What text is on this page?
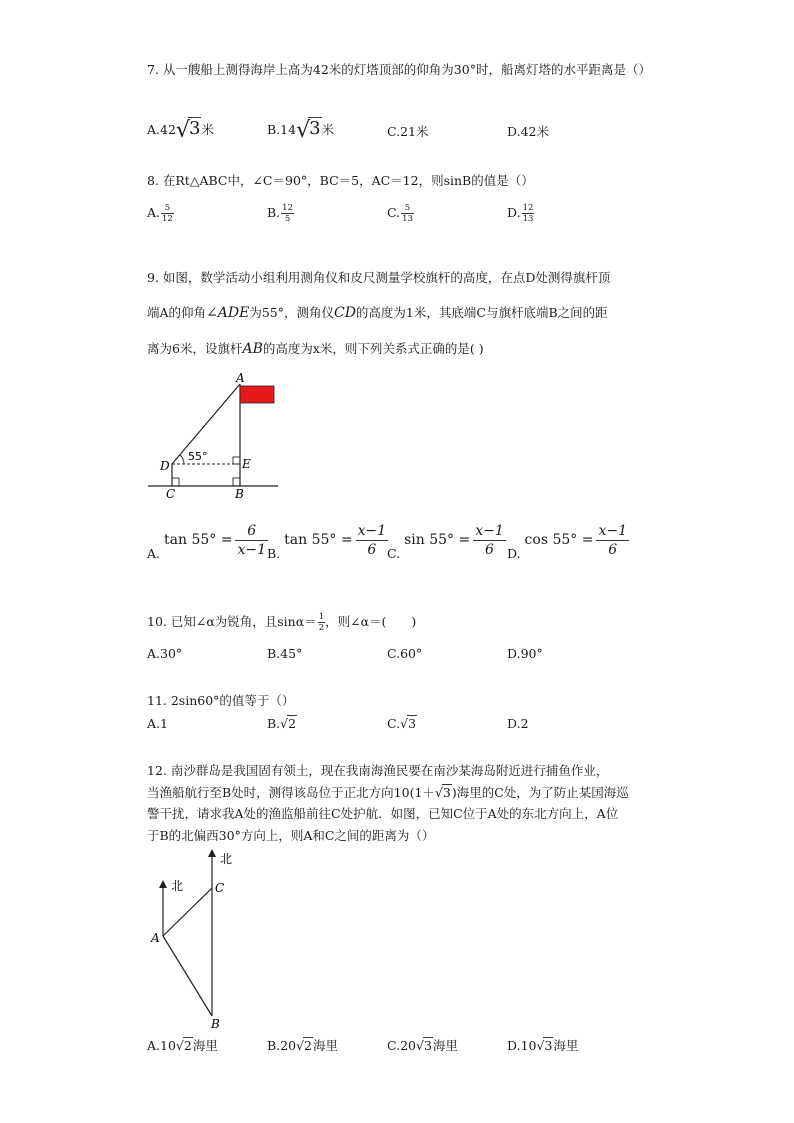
7. 从一艘船上测得海岸上高为42米的灯塔顶部的仰角为30°时，船离灯塔的水平距离是（）
A.42√3米	B.14√3米	C.21米	D.42米
8. 在Rt△ABC中，∠C＝90°，BC＝5，AC＝12，则sinB的值是（）
A. $\frac{5}{12}$	B. $\frac{12}{5}$	C. $\frac{5}{13}$	D. $\frac{12}{13}$
9. 如图，数学活动小组利用测角仪和皮尺测量学校旗杆的高度，在点D处测得旗杆顶
端A的仰角∠ADE为55°，测角仪CD的高度为1米，其底端C与旗杆底端B之间的距
离为6米，设旗杆AB的高度为x米，则下列关系式正确的是( )
A
D	E
C	B
55°
A. $\tan 55^\circ = \frac{6}{x-1} B$. $\tan 55^\circ = \frac{x-1}{6}$
C. $\sin 55^\circ = \frac{x-1}{6} D$. $\cos 55^\circ = \frac{x-1}{6}$
10. 已知∠α为锐角，且$\sin\alpha= \frac{1}{2}$ ，则∠α＝(　　)
A.30°	B.45°	C.60°	D.90°
11. 2sin60°的值等于（）
A.1	B.√2	C.√3	D.2
12. 南沙群岛是我国固有领土，现在我南海渔民要在南沙某海岛附近进行捕鱼作业，
当渔船航行至B处时，测得该岛位于正北方向10(1＋√3)海里的C处，为了防止某国海巡
警干扰，请求我A处的渔监船前往C处护航．如图，已知C位于A处的东北方向上，A位
于B的北偏西30°方向上，则A和C之间的距离为（）
北
北
A
C
B
A.10√2海里	B.20√2海里	C.20√3海里	D.10√3海里
